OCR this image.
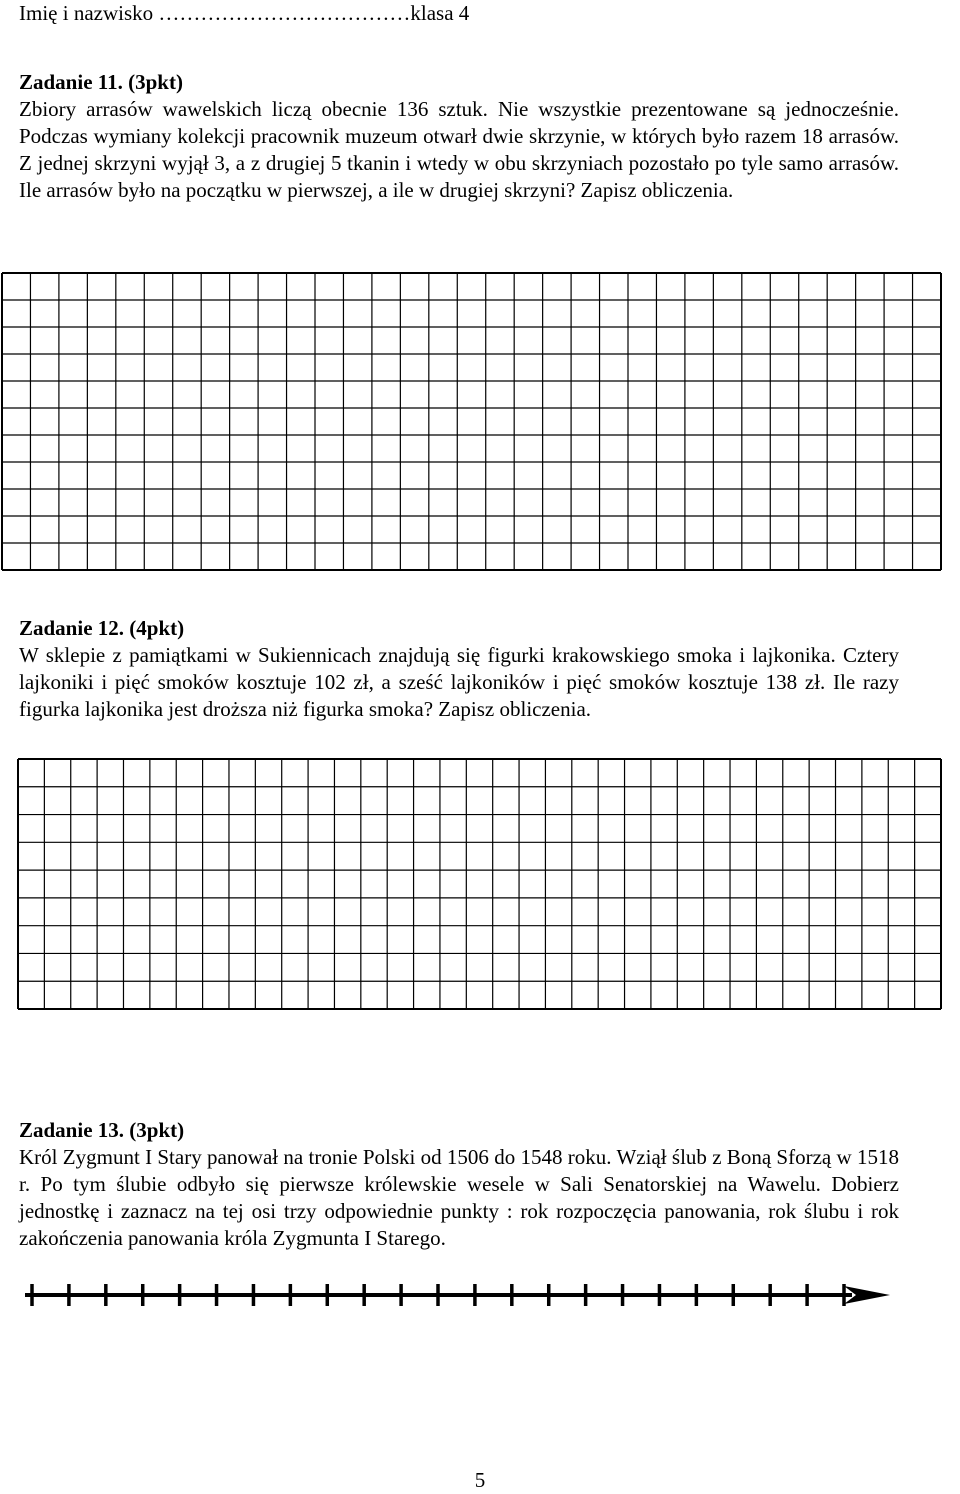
Imię i nazwisko ………………………………klasa 4

Zadanie 11. (3pkt)

Zbiory arrasów wawelskich liczą obecnie 136 sztuk. Nie wszystkie prezentowane są jednocześnie. Podczas wymiany kolekcji pracownik muzeum otwarł dwie skrzynie, w których było razem 18 arrasów. Z jednej skrzyni wyjął 3, a z drugiej 5 tkanin i wtedy w obu skrzyniach pozostało po tyle samo arrasów. Ile arrasów było na początku w pierwszej, a ile w drugiej skrzyni? Zapisz obliczenia.

Zadanie 12. (4pkt)

W sklepie z pamiątkami w Sukiennicach znajdują się figurki krakowskiego smoka i lajkonika. Cztery lajkoniki i pięć smoków kosztuje 102 zł, a sześć lajkoników i pięć smoków kosztuje 138 zł. Ile razy figurka lajkonika jest droższa niż figurka smoka? Zapisz obliczenia.

Zadanie 13. (3pkt)

Król Zygmunt I Stary panował na tronie Polski od 1506 do 1548 roku. Wziął ślub z Boną Sforzą w 1518 r. Po tym ślubie odbyło się pierwsze królewskie wesele w Sali Senatorskiej na Wawelu. Dobierz jednostkę i zaznacz na tej osi trzy odpowiednie punkty : rok rozpoczęcia panowania, rok ślubu i rok zakończenia panowania króla Zygmunta I Starego.

5
